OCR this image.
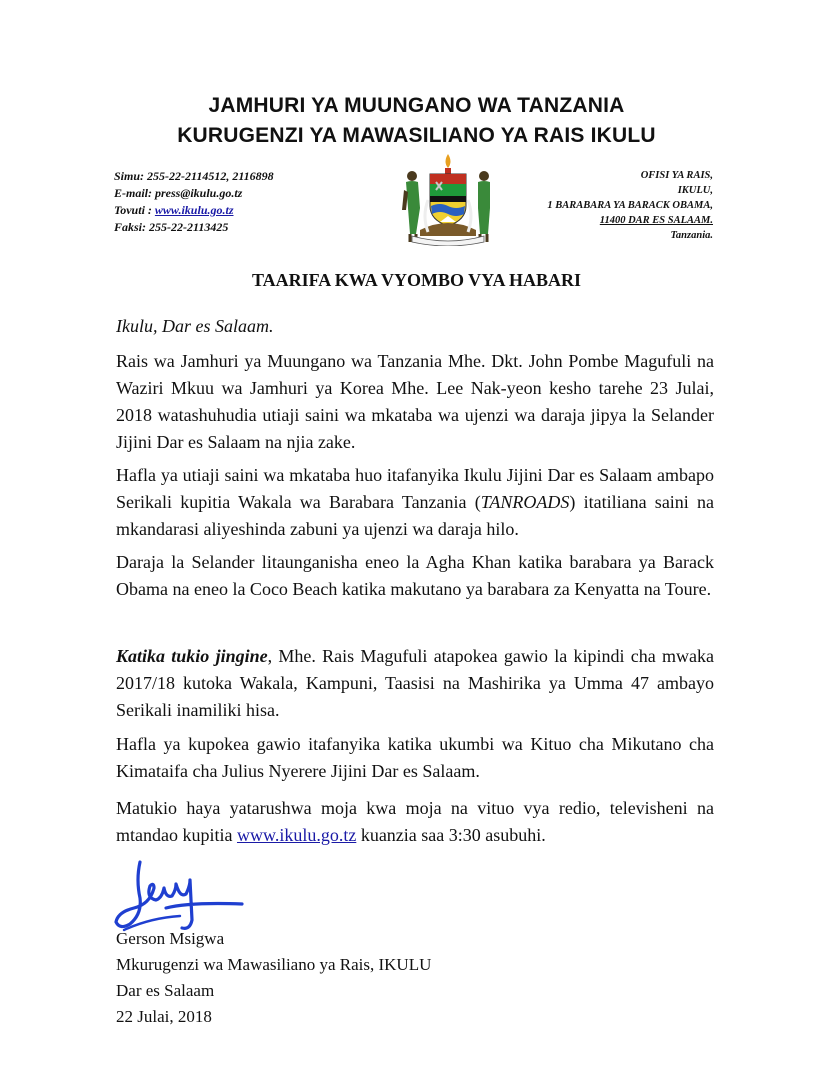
JAMHURI YA MUUNGANO WA TANZANIA
KURUGENZI YA MAWASILIANO YA RAIS IKULU
Simu: 255-22-2114512, 2116898
E-mail: press@ikulu.go.tz
Tovuti : www.ikulu.go.tz
Faksi: 255-22-2113425
OFISI YA RAIS,
IKULU,
1 BARABARA YA BARACK OBAMA,
11400 DAR ES SALAAM.
Tanzania.
TAARIFA KWA VYOMBO VYA HABARI
Ikulu, Dar es Salaam.

Rais wa Jamhuri ya Muungano wa Tanzania Mhe. Dkt. John Pombe Magufuli na Waziri Mkuu wa Jamhuri ya Korea Mhe. Lee Nak-yeon kesho tarehe 23 Julai, 2018 watashuhudia utiaji saini wa mkataba wa ujenzi wa daraja jipya la Selander Jijini Dar es Salaam na njia zake.

Hafla ya utiaji saini wa mkataba huo itafanyika Ikulu Jijini Dar es Salaam ambapo Serikali kupitia Wakala wa Barabara Tanzania (TANROADS) itatiliana saini na mkandarasi aliyeshinda zabuni ya ujenzi wa daraja hilo.

Daraja la Selander litaunganisha eneo la Agha Khan katika barabara ya Barack Obama na eneo la Coco Beach katika makutano ya barabara za Kenyatta na Toure.

Katika tukio jingine, Mhe. Rais Magufuli atapokea gawio la kipindi cha mwaka 2017/18 kutoka Wakala, Kampuni, Taasisi na Mashirika ya Umma 47 ambayo Serikali inamiliki hisa.

Hafla ya kupokea gawio itafanyika katika ukumbi wa Kituo cha Mikutano cha Kimataifa cha Julius Nyerere Jijini Dar es Salaam.

Matukio haya yatarushwa moja kwa moja na vituo vya redio, televisheni na mtandao kupitia www.ikulu.go.tz kuanzia saa 3:30 asubuhi.

Gerson Msigwa
Mkurugenzi wa Mawasiliano ya Rais, IKULU
Dar es Salaam
22 Julai, 2018
